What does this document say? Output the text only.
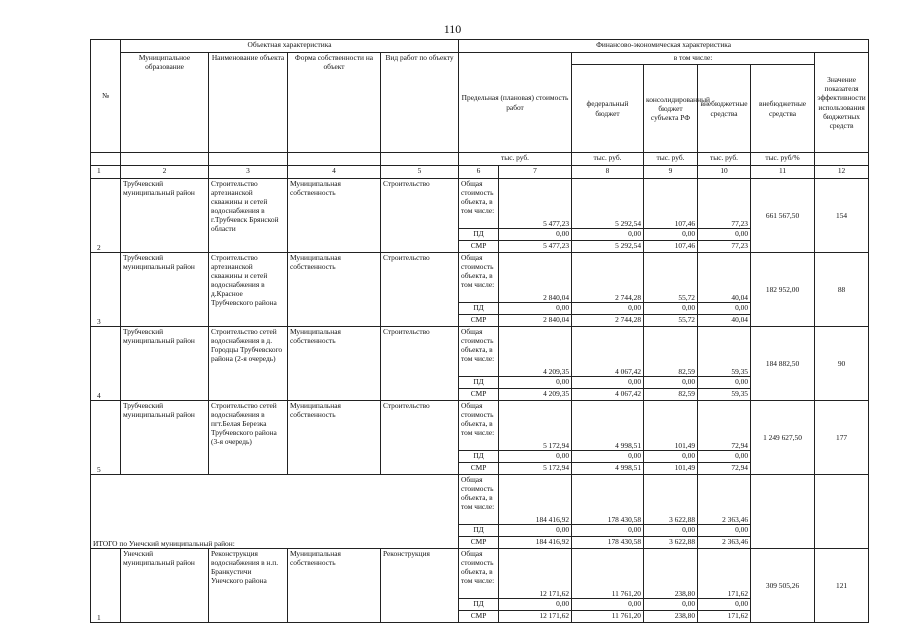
110
№	Объектная характеристика				Финансово-экономическая характеристика							
	Муниципальное образование	Наименование объекта	Форма собственности на объект	Вид работ по объекту	Предельная (плановая) стоимость работ		в том числе:				Значение показателя эффективности использования бюджетных средств	
							федеральный бюджет	консолидированный бюджет субъекта РФ	внебюджетные средства	внебюджетные средства		
					тыс. руб.		тыс. руб.	тыс. руб.	тыс. руб.	тыс. руб/%		
1	2	3	4	5	6	7	8	9	10	11	12	
2	Трубчевский муниципальный район	Строительство артезианской скважины и сетей водоснабжения в г.Трубчевск Брянской области	Муниципальная собственность	Строительство	Общая стоимость объекта, в том числе:	5 477,23	5 292,54	107,46	77,23	661 567,50	154	
					ПД	0,00	0,00	0,00	0,00			
					СМР	5 477,23	5 292,54	107,46	77,23			
3	Трубчевский муниципальный район	Строительство артезианской скважины и сетей водоснабжения в д.Красное Трубчевского района	Муниципальная собственность	Строительство	Общая стоимость объекта, в том числе:	2 840,04	2 744,28	55,72	40,04	182 952,00	88	
					ПД	0,00	0,00	0,00	0,00			
					СМР	2 840,04	2 744,28	55,72	40,04			
4	Трубчевский муниципальный район	Строительство сетей водоснабжения в д. Городцы Трубчевского района (2-я очередь)	Муниципальная собственность	Строительство	Общая стоимость объекта, в том числе:	4 209,35	4 067,42	82,59	59,35	184 882,50	90	
					ПД	0,00	0,00	0,00	0,00			
					СМР	4 209,35	4 067,42	82,59	59,35			
5	Трубчевский муниципальный район	Строительство сетей водоснабжения в пгт.Белая Березка Трубчевского района (3-я очередь)	Муниципальная собственность	Строительство	Общая стоимость объекта, в том числе:	5 172,94	4 998,51	101,49	72,94	1 249 627,50	177	
					ПД	0,00	0,00	0,00	0,00			
					СМР	5 172,94	4 998,51	101,49	72,94			
ИТОГО по Унечский муниципальный район:					Общая стоимость объекта, в том числе:	184 416,92	178 430,58	3 622,88	2 363,46			
					ПД	0,00	0,00	0,00	0,00			
					СМР	184 416,92	178 430,58	3 622,88	2 363,46			
1	Унечский муниципальный район	Реконструкция водоснабжения в н.п. Бранкустичи Унечского района	Муниципальная собственность	Реконструкция	Общая стоимость объекта, в том числе:	12 171,62	11 761,20	238,80	171,62	309 505,26	121	
					ПД	0,00	0,00	0,00	0,00			
					СМР	12 171,62	11 761,20	238,80	171,62			
